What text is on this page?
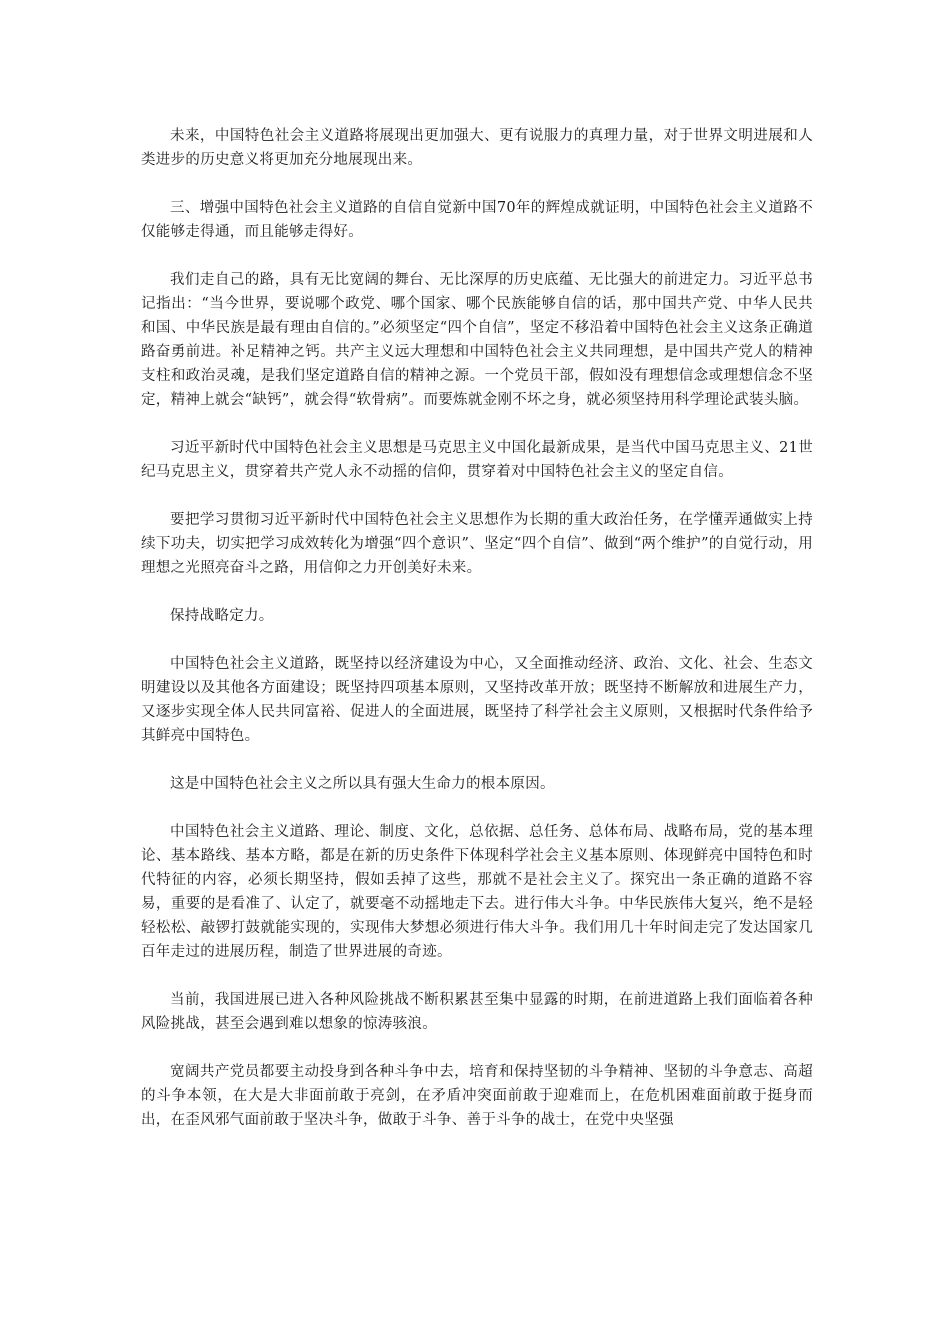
未来，中国特色社会主义道路将展现出更加强大、更有说服力的真理力量，对于世界文明进展和人类进步的历史意义将更加充分地展现出来。

三、增强中国特色社会主义道路的自信自觉新中国70年的辉煌成就证明，中国特色社会主义道路不仅能够走得通，而且能够走得好。

我们走自己的路，具有无比宽阔的舞台、无比深厚的历史底蕴、无比强大的前进定力。习近平总书记指出：“当今世界，要说哪个政党、哪个国家、哪个民族能够自信的话，那中国共产党、中华人民共和国、中华民族是最有理由自信的。”必须坚定“四个自信”，坚定不移沿着中国特色社会主义这条正确道路奋勇前进。补足精神之钙。共产主义远大理想和中国特色社会主义共同理想，是中国共产党人的精神支柱和政治灵魂，是我们坚定道路自信的精神之源。一个党员干部，假如没有理想信念或理想信念不坚定，精神上就会“缺钙”，就会得“软骨病”。而要炼就金刚不坏之身，就必须坚持用科学理论武装头脑。

习近平新时代中国特色社会主义思想是马克思主义中国化最新成果，是当代中国马克思主义、21世纪马克思主义，贯穿着共产党人永不动摇的信仰，贯穿着对中国特色社会主义的坚定自信。

要把学习贯彻习近平新时代中国特色社会主义思想作为长期的重大政治任务，在学懂弄通做实上持续下功夫，切实把学习成效转化为增强“四个意识”、坚定“四个自信”、做到“两个维护”的自觉行动，用理想之光照亮奋斗之路，用信仰之力开创美好未来。

保持战略定力。

中国特色社会主义道路，既坚持以经济建设为中心，又全面推动经济、政治、文化、社会、生态文明建设以及其他各方面建设；既坚持四项基本原则，又坚持改革开放；既坚持不断解放和进展生产力，又逐步实现全体人民共同富裕、促进人的全面进展，既坚持了科学社会主义原则，又根据时代条件给予其鲜亮中国特色。

这是中国特色社会主义之所以具有强大生命力的根本原因。

中国特色社会主义道路、理论、制度、文化，总依据、总任务、总体布局、战略布局，党的基本理论、基本路线、基本方略，都是在新的历史条件下体现科学社会主义基本原则、体现鲜亮中国特色和时代特征的内容，必须长期坚持，假如丢掉了这些，那就不是社会主义了。探究出一条正确的道路不容易，重要的是看准了、认定了，就要毫不动摇地走下去。进行伟大斗争。中华民族伟大复兴，绝不是轻轻松松、敲锣打鼓就能实现的，实现伟大梦想必须进行伟大斗争。我们用几十年时间走完了发达国家几百年走过的进展历程，制造了世界进展的奇迹。

当前，我国进展已进入各种风险挑战不断积累甚至集中显露的时期，在前进道路上我们面临着各种风险挑战，甚至会遇到难以想象的惊涛骇浪。

宽阔共产党员都要主动投身到各种斗争中去，培育和保持坚韧的斗争精神、坚韧的斗争意志、高超的斗争本领，在大是大非面前敢于亮剑，在矛盾冲突面前敢于迎难而上，在危机困难面前敢于挺身而出，在歪风邪气面前敢于坚决斗争，做敢于斗争、善于斗争的战士，在党中央坚强
